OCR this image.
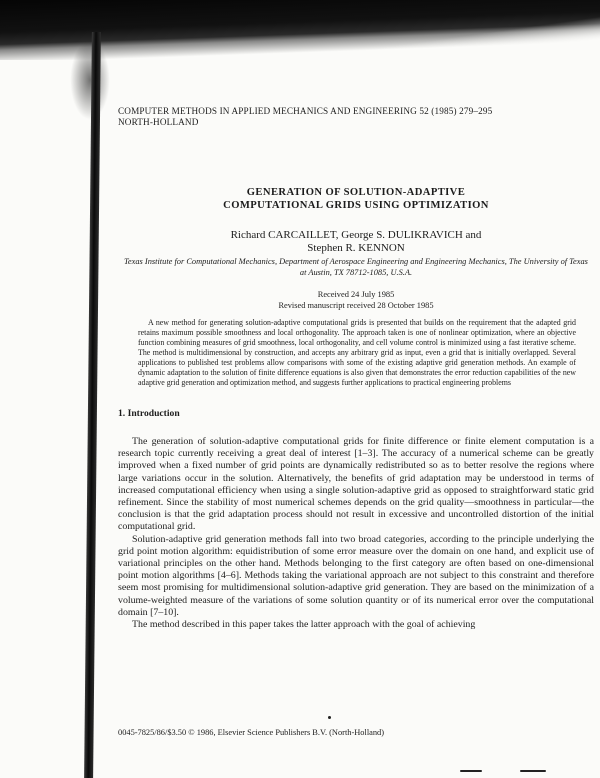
COMPUTER METHODS IN APPLIED MECHANICS AND ENGINEERING 52 (1985) 279–295
NORTH-HOLLAND
GENERATION OF SOLUTION-ADAPTIVE
COMPUTATIONAL GRIDS USING OPTIMIZATION
Richard CARCAILLET, George S. DULIKRAVICH and
Stephen R. KENNON
Texas Institute for Computational Mechanics, Department of Aerospace Engineering and Engineering Mechanics, The University of Texas at Austin, TX 78712-1085, U.S.A.
Received 24 July 1985
Revised manuscript received 28 October 1985

A new method for generating solution-adaptive computational grids is presented that builds on the requirement that the adapted grid retains maximum possible smoothness and local orthogonality. The approach taken is one of nonlinear optimization, where an objective function combining measures of grid smoothness, local orthogonality, and cell volume control is minimized using a fast iterative scheme. The method is multidimensional by construction, and accepts any arbitrary grid as input, even a grid that is initially overlapped. Several applications to published test problems allow comparisons with some of the existing adaptive grid generation methods. An example of dynamic adaptation to the solution of finite difference equations is also given that demonstrates the error reduction capabilities of the new adaptive grid generation and optimization method, and suggests further applications to practical engineering problems

1. Introduction

The generation of solution-adaptive computational grids for finite difference or finite element computation is a research topic currently receiving a great deal of interest [1–3]. The accuracy of a numerical scheme can be greatly improved when a fixed number of grid points are dynamically redistributed so as to better resolve the regions where large variations occur in the solution. Alternatively, the benefits of grid adaptation may be understood in terms of increased computational efficiency when using a single solution-adaptive grid as opposed to straightforward static grid refinement. Since the stability of most numerical schemes depends on the grid quality—smoothness in particular—the conclusion is that the grid adaptation process should not result in excessive and uncontrolled distortion of the initial computational grid.

Solution-adaptive grid generation methods fall into two broad categories, according to the principle underlying the grid point motion algorithm: equidistribution of some error measure over the domain on one hand, and explicit use of variational principles on the other hand. Methods belonging to the first category are often based on one-dimensional point motion algorithms [4–6]. Methods taking the variational approach are not subject to this constraint and therefore seem most promising for multidimensional solution-adaptive grid generation. They are based on the minimization of a volume-weighted measure of the variations of some solution quantity or of its numerical error over the computational domain [7–10].

The method described in this paper takes the latter approach with the goal of achieving

0045-7825/86/$3.50 © 1986, Elsevier Science Publishers B.V. (North-Holland)
